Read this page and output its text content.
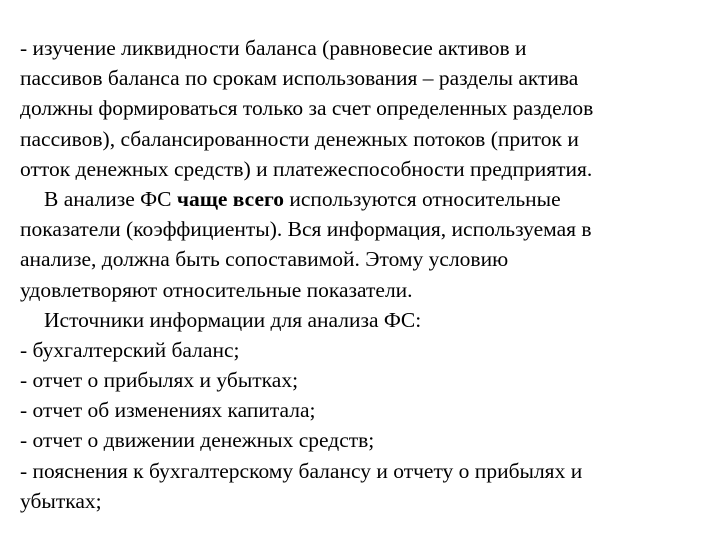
- изучение ликвидности баланса (равновесие активов и
пассивов баланса по срокам использования – разделы актива
должны формироваться только за счет определенных разделов
пассивов), сбалансированности денежных потоков (приток и
отток денежных средств) и платежеспособности предприятия.
В анализе ФС чаще всего используются относительные
показатели (коэффициенты). Вся информация, используемая в
анализе, должна быть сопоставимой. Этому условию
удовлетворяют относительные показатели.
Источники информации для анализа ФС:
- бухгалтерский баланс;
- отчет о прибылях и убытках;
- отчет об изменениях капитала;
- отчет о движении денежных средств;
- пояснения к бухгалтерскому балансу и отчету о прибылях и
убытках;
